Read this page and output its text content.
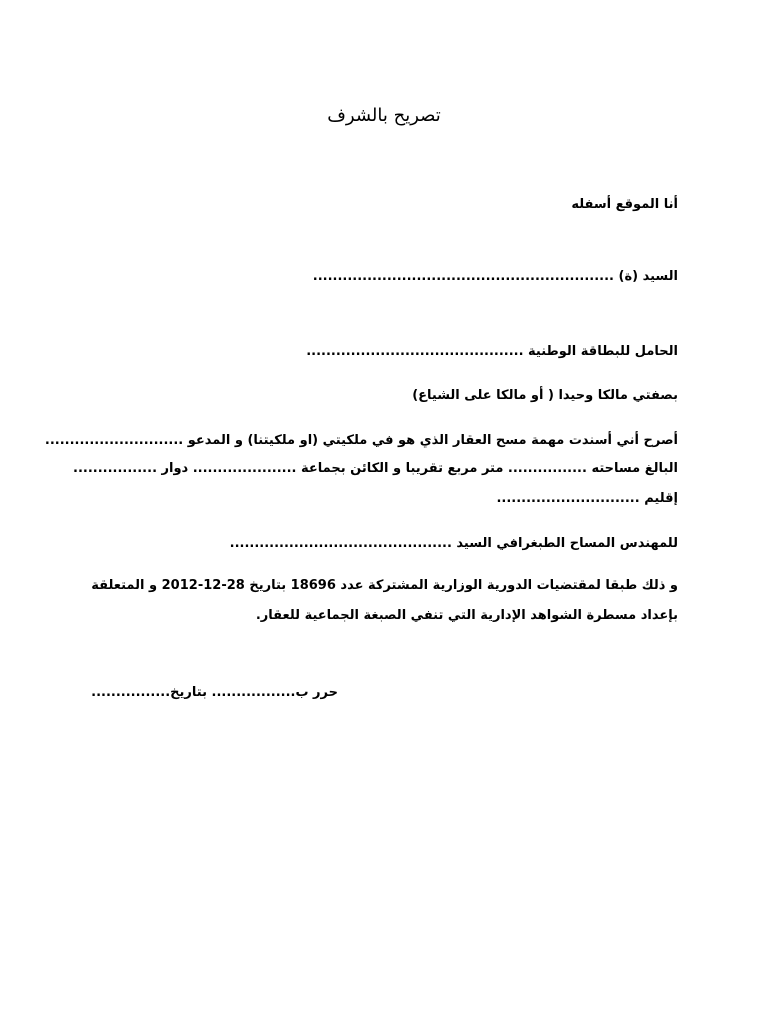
تصريح بالشرف
أنا الموقع أسفله
السيد (ة) .............................................................
الحامل للبطاقة الوطنية ............................................
بصفتي مالكا وحيدا ( أو مالكا على الشياع)
أصرح أني أسندت مهمة مسح العقار الذي هو في ملكيتي (او ملكيتنا) و المدعو ............................
البالغ مساحته ................ متر مربع تقريبا و الكائن بجماعة ..................... دوار .................
إقليم .............................
للمهندس المساح الطبغرافي السيد .............................................
و ذلك طبقا لمقتضيات الدورية الوزارية المشتركة عدد 18696 بتاريخ 28-12-2012 و المتعلقة
بإعداد مسطرة الشواهد الإدارية التي تنفي الصبغة الجماعية للعقار.
حرر ب................. بتاريخ................
